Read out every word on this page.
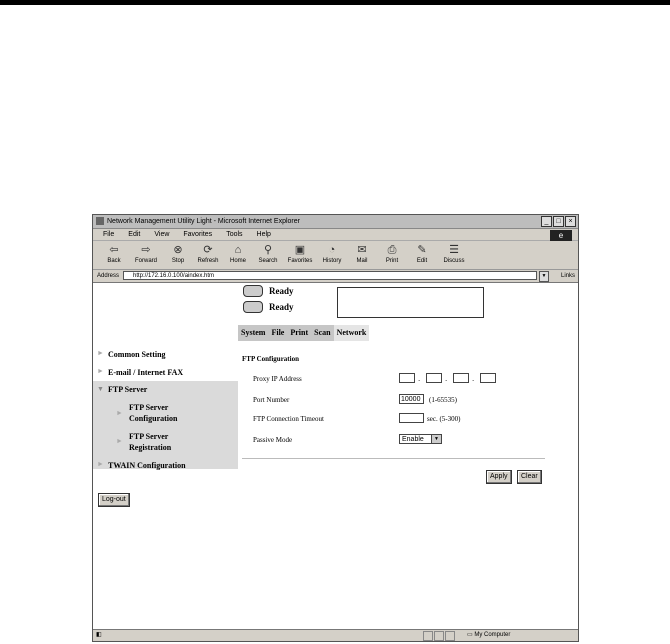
Network Management Utility Light - Microsoft Internet Explorer	_	□	×
File Edit View Favorites Tools Help	e
⇦
Back
⇨
Forward
⊗
Stop
⟳
Refresh
⌂
Home
⚲
Search
▣
Favorites
◔
History
✉
Mail
⎙
Print
✎
Edit
☰
Discuss
Address	http://172.16.0.100/aindex.htm	▼	Links
► Common Setting
► E-mail / Internet FAX
▼ FTP Server
►
FTP Server
Configuration
►
FTP Server
Registration
► TWAIN Configuration
Log-out
Ready
Ready
System File Print Scan Network
FTP Configuration
Proxy IP Address	.	.	.
Port Number	10000	(1-65535)
FTP Connection Timeout	sec. (5-300)
Passive Mode	Enable	▼
Apply	Clear
◧	▭ My Computer
